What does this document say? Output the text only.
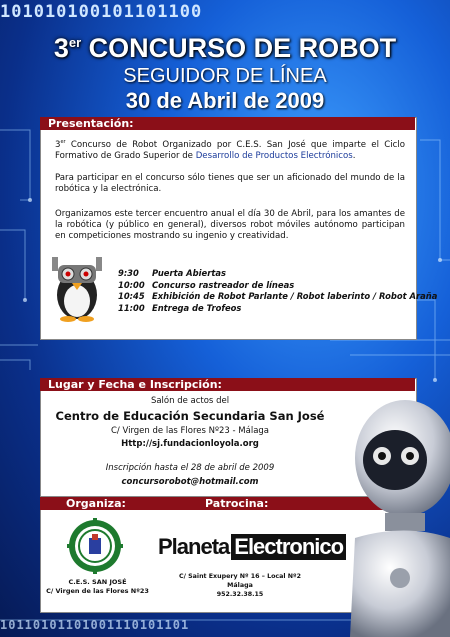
101010100101101100
10110101101001110101101
3er CONCURSO DE ROBOT
SEGUIDOR DE LÍNEA
30 de Abril de 2009
Presentación:
3er Concurso de Robot Organizado por C.E.S. San José que imparte el Ciclo Formativo de Grado Superior de Desarrollo de Productos Electrónicos.
Para participar en el concurso sólo tienes que ser un aficionado del mundo de la robótica y la electrónica.
Organizamos este tercer encuentro anual el día 30 de Abril, para los amantes de la robótica (y público en general), diversos robot móviles autónomo participan en competiciones mostrando su ingenio y creatividad.
9:30	Puerta Abiertas
10:00 Concurso rastreador de líneas
10:45 Exhibición de Robot Parlante / Robot laberinto / Robot Araña
11:00 Entrega de Trofeos
Lugar y Fecha e Inscripción:
Salón de actos del
Centro de Educación Secundaria San José
C/ Virgen de las Flores Nº23 - Málaga
Http://sj.fundacionloyola.org
Inscripción hasta el 28 de abril de 2009
concursorobot@hotmail.com
Organiza:	Patrocina:
C.E.S. SAN JOSÉ
C/ Virgen de las Flores Nº23
Planeta Electronico
C/ Saint Exupery Nº 16 – Local Nº2
Málaga
952.32.38.15
